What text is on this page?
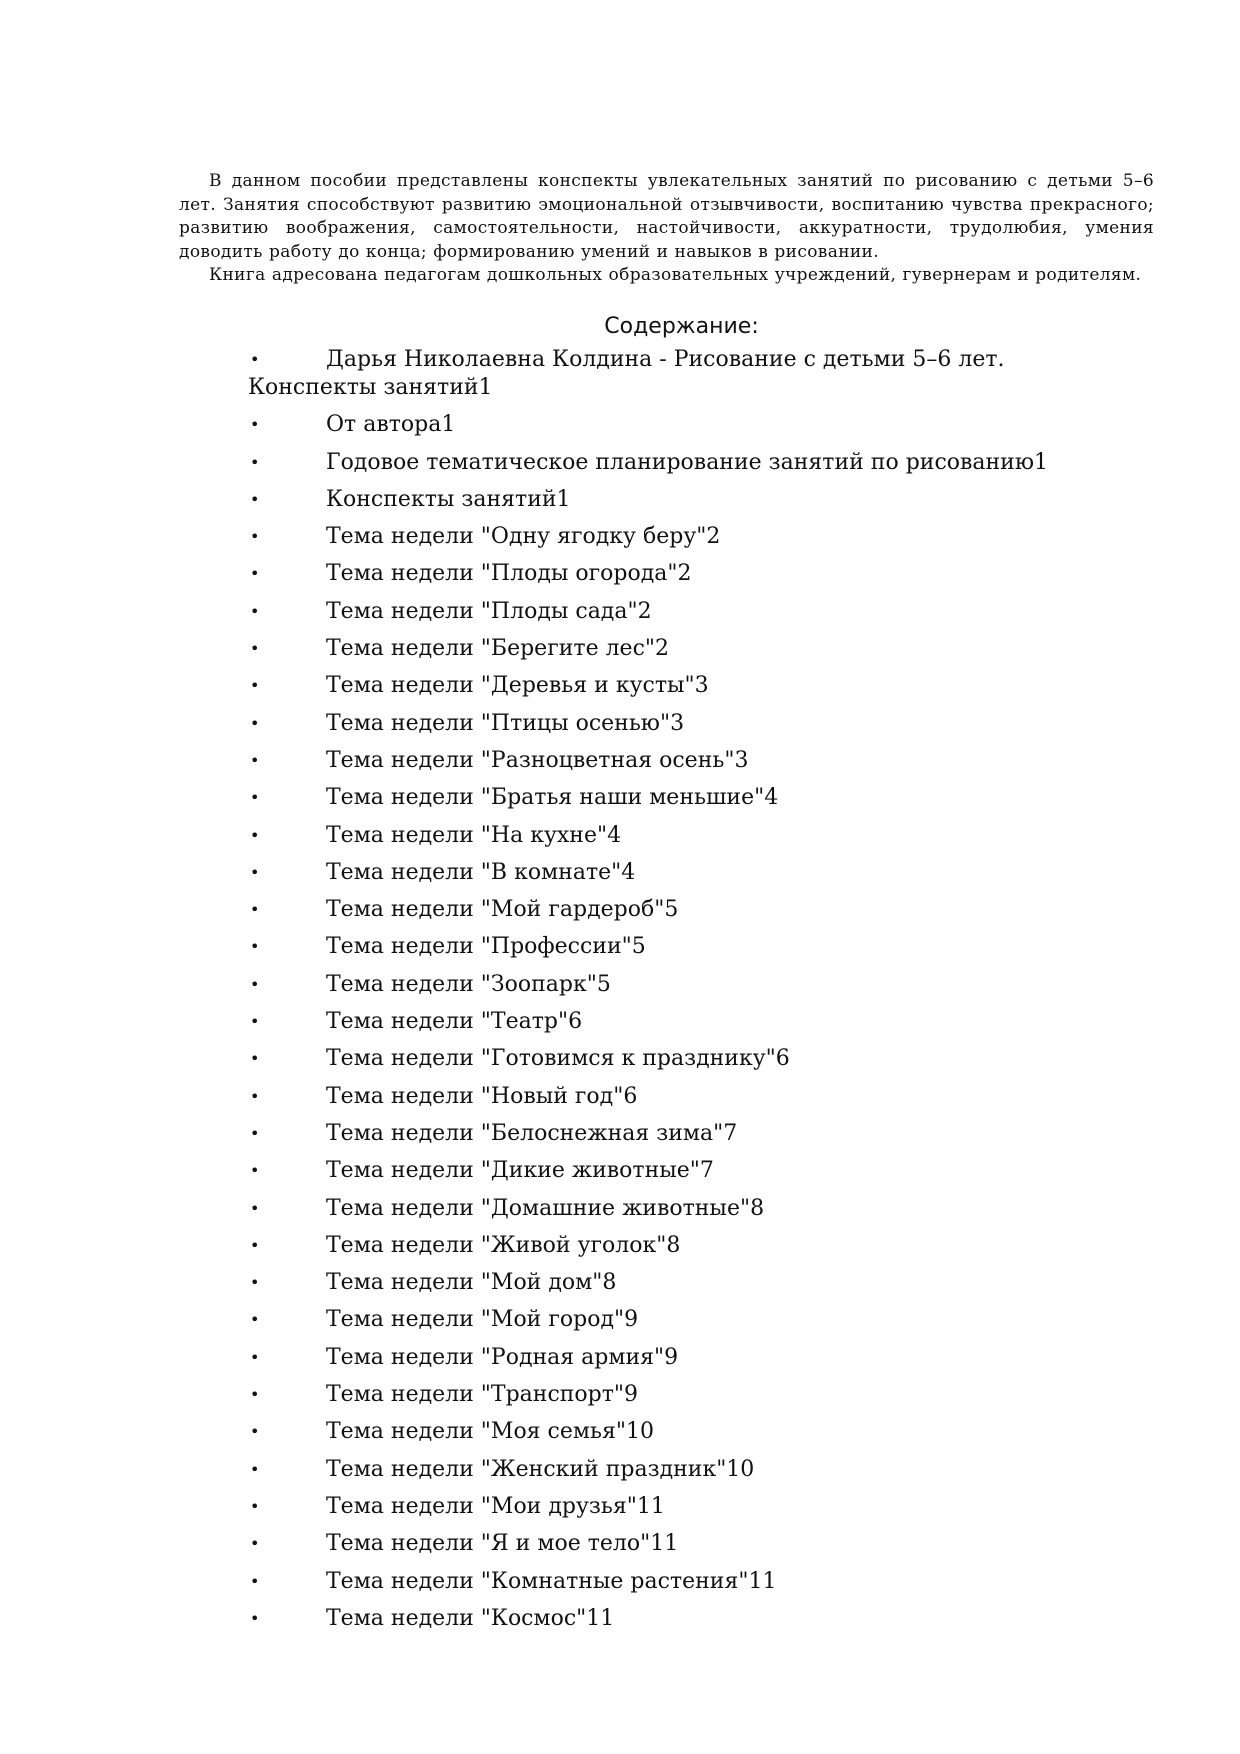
В данном пособии представлены конспекты увлекательных занятий по рисованию с детьми 5–6 лет. Занятия способствуют развитию эмоциональной отзывчивости, воспитанию чувства прекрасного; развитию воображения, самостоятельности, настойчивости, аккуратности, трудолюбия, умения доводить работу до конца; формированию умений и навыков в рисовании.

Книга адресована педагогам дошкольных образовательных учреждений, гувернерам и родителям.

Содержание:
•	Дарья Николаевна Колдина - Рисование с детьми 5–6 лет.
Конспекты занятий1
•	От автора1
•	Годовое тематическое планирование занятий по рисованию1
•	Конспекты занятий1
•	Тема недели "Одну ягодку беру"2
•	Тема недели "Плоды огорода"2
•	Тема недели "Плоды сада"2
•	Тема недели "Берегите лес"2
•	Тема недели "Деревья и кусты"3
•	Тема недели "Птицы осенью"3
•	Тема недели "Разноцветная осень"3
•	Тема недели "Братья наши меньшие"4
•	Тема недели "На кухне"4
•	Тема недели "В комнате"4
•	Тема недели "Мой гардероб"5
•	Тема недели "Профессии"5
•	Тема недели "Зоопарк"5
•	Тема недели "Театр"6
•	Тема недели "Готовимся к празднику"6
•	Тема недели "Новый год"6
•	Тема недели "Белоснежная зима"7
•	Тема недели "Дикие животные"7
•	Тема недели "Домашние животные"8
•	Тема недели "Живой уголок"8
•	Тема недели "Мой дом"8
•	Тема недели "Мой город"9
•	Тема недели "Родная армия"9
•	Тема недели "Транспорт"9
•	Тема недели "Моя семья"10
•	Тема недели "Женский праздник"10
•	Тема недели "Мои друзья"11
•	Тема недели "Я и мое тело"11
•	Тема недели "Комнатные растения"11
•	Тема недели "Космос"11
